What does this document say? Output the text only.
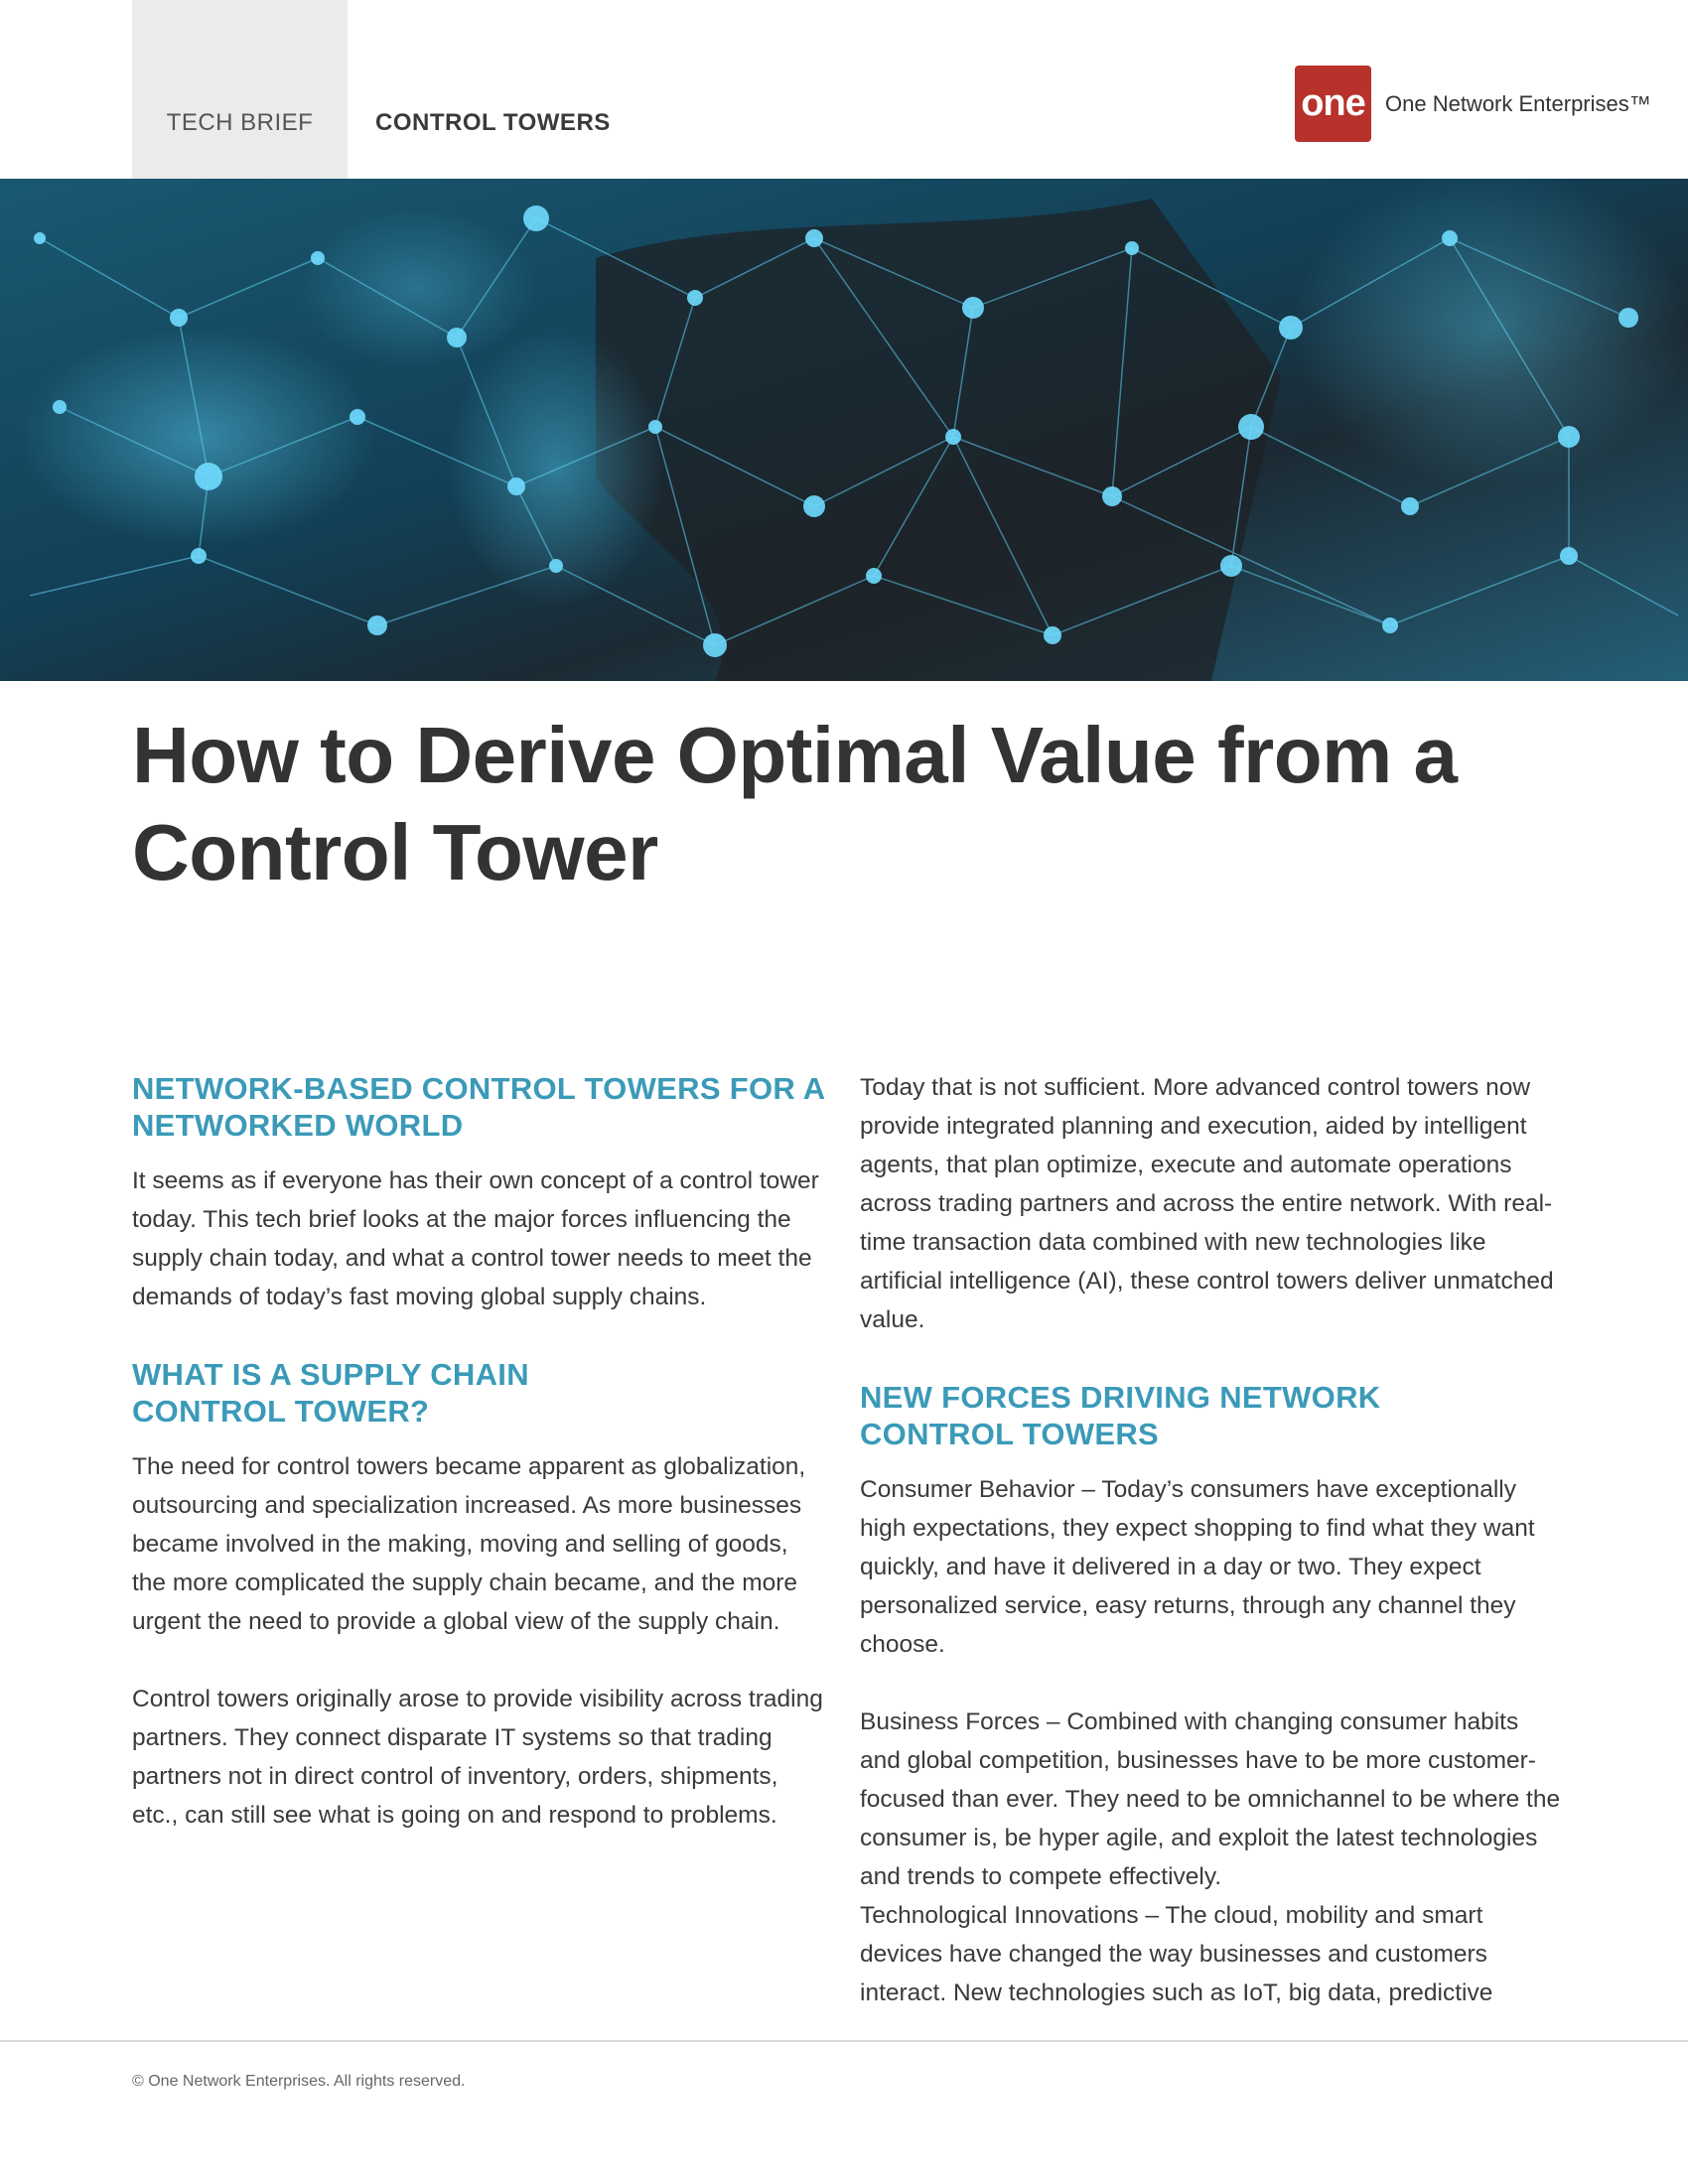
TECH BRIEF	CONTROL TOWERS	one One Network Enterprises™
How to Derive Optimal Value from a Control Tower
NETWORK-BASED CONTROL TOWERS FOR A
NETWORKED WORLD

It seems as if everyone has their own concept of a control tower today. This tech brief looks at the major forces influencing the supply chain today, and what a control tower needs to meet the demands of today’s fast moving global supply chains.

WHAT IS A SUPPLY CHAIN
CONTROL TOWER?

The need for control towers became apparent as globalization, outsourcing and specialization increased. As more businesses became involved in the making, moving and selling of goods, the more complicated the supply chain became, and the more urgent the need to provide a global view of the supply chain.

Control towers originally arose to provide visibility across trading partners. They connect disparate IT systems so that trading partners not in direct control of inventory, orders, shipments, etc., can still see what is going on and respond to problems.

Today that is not sufficient. More advanced control towers now provide integrated planning and execution, aided by intelligent agents, that plan optimize, execute and automate operations across trading partners and across the entire network. With real-time transaction data combined with new technologies like artificial intelligence (AI), these control towers deliver unmatched value.

NEW FORCES DRIVING NETWORK
CONTROL TOWERS

Consumer Behavior – Today’s consumers have exceptionally high expectations, they expect shopping to find what they want quickly, and have it delivered in a day or two. They expect personalized service, easy returns, through any channel they choose.

Business Forces – Combined with changing consumer habits and global competition, businesses have to be more customer-focused than ever. They need to be omnichannel to be where the consumer is, be hyper agile, and exploit the latest technologies and trends to compete effectively.

Technological Innovations – The cloud, mobility and smart devices have changed the way businesses and customers interact. New technologies such as IoT, big data, predictive

© One Network Enterprises. All rights reserved.
